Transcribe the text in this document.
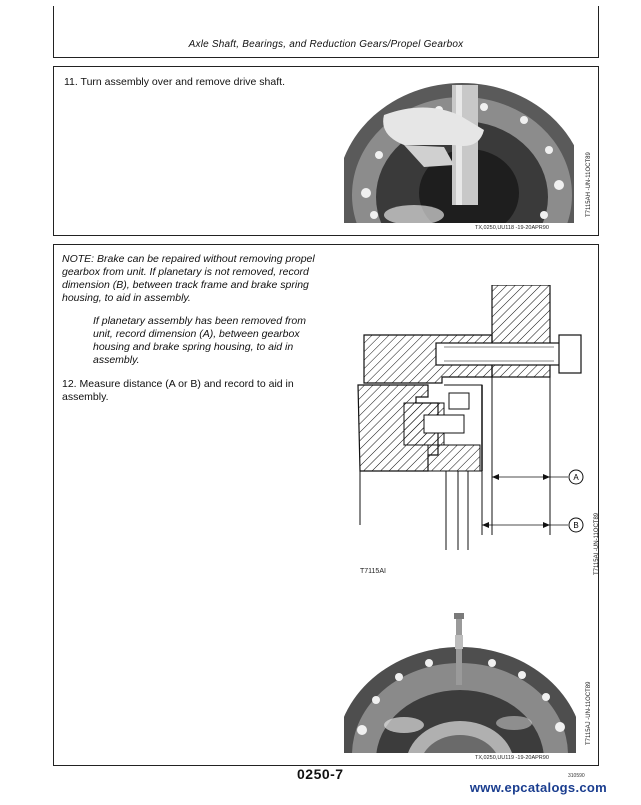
Axle Shaft, Bearings, and Reduction Gears/Propel Gearbox
11. Turn assembly over and remove drive shaft.
T7115AH -UN-11OCT89
TX,0250,UU118 -19-20APR90
NOTE: Brake can be repaired without removing propel gearbox from unit. If planetary is not removed, record dimension (B), between track frame and brake spring housing, to aid in assembly.
If planetary assembly has been removed from unit, record dimension (A), between gearbox housing and brake spring housing, to aid in assembly.
12. Measure distance (A or B) and record to aid in assembly.
A
B
T7115AI	T7115AI -UN-11OCT89
T7115AJ -UN-11OCT89
TX,0250,UU119 -19-20APR90
0250-7	310590
www.epcatalogs.com
